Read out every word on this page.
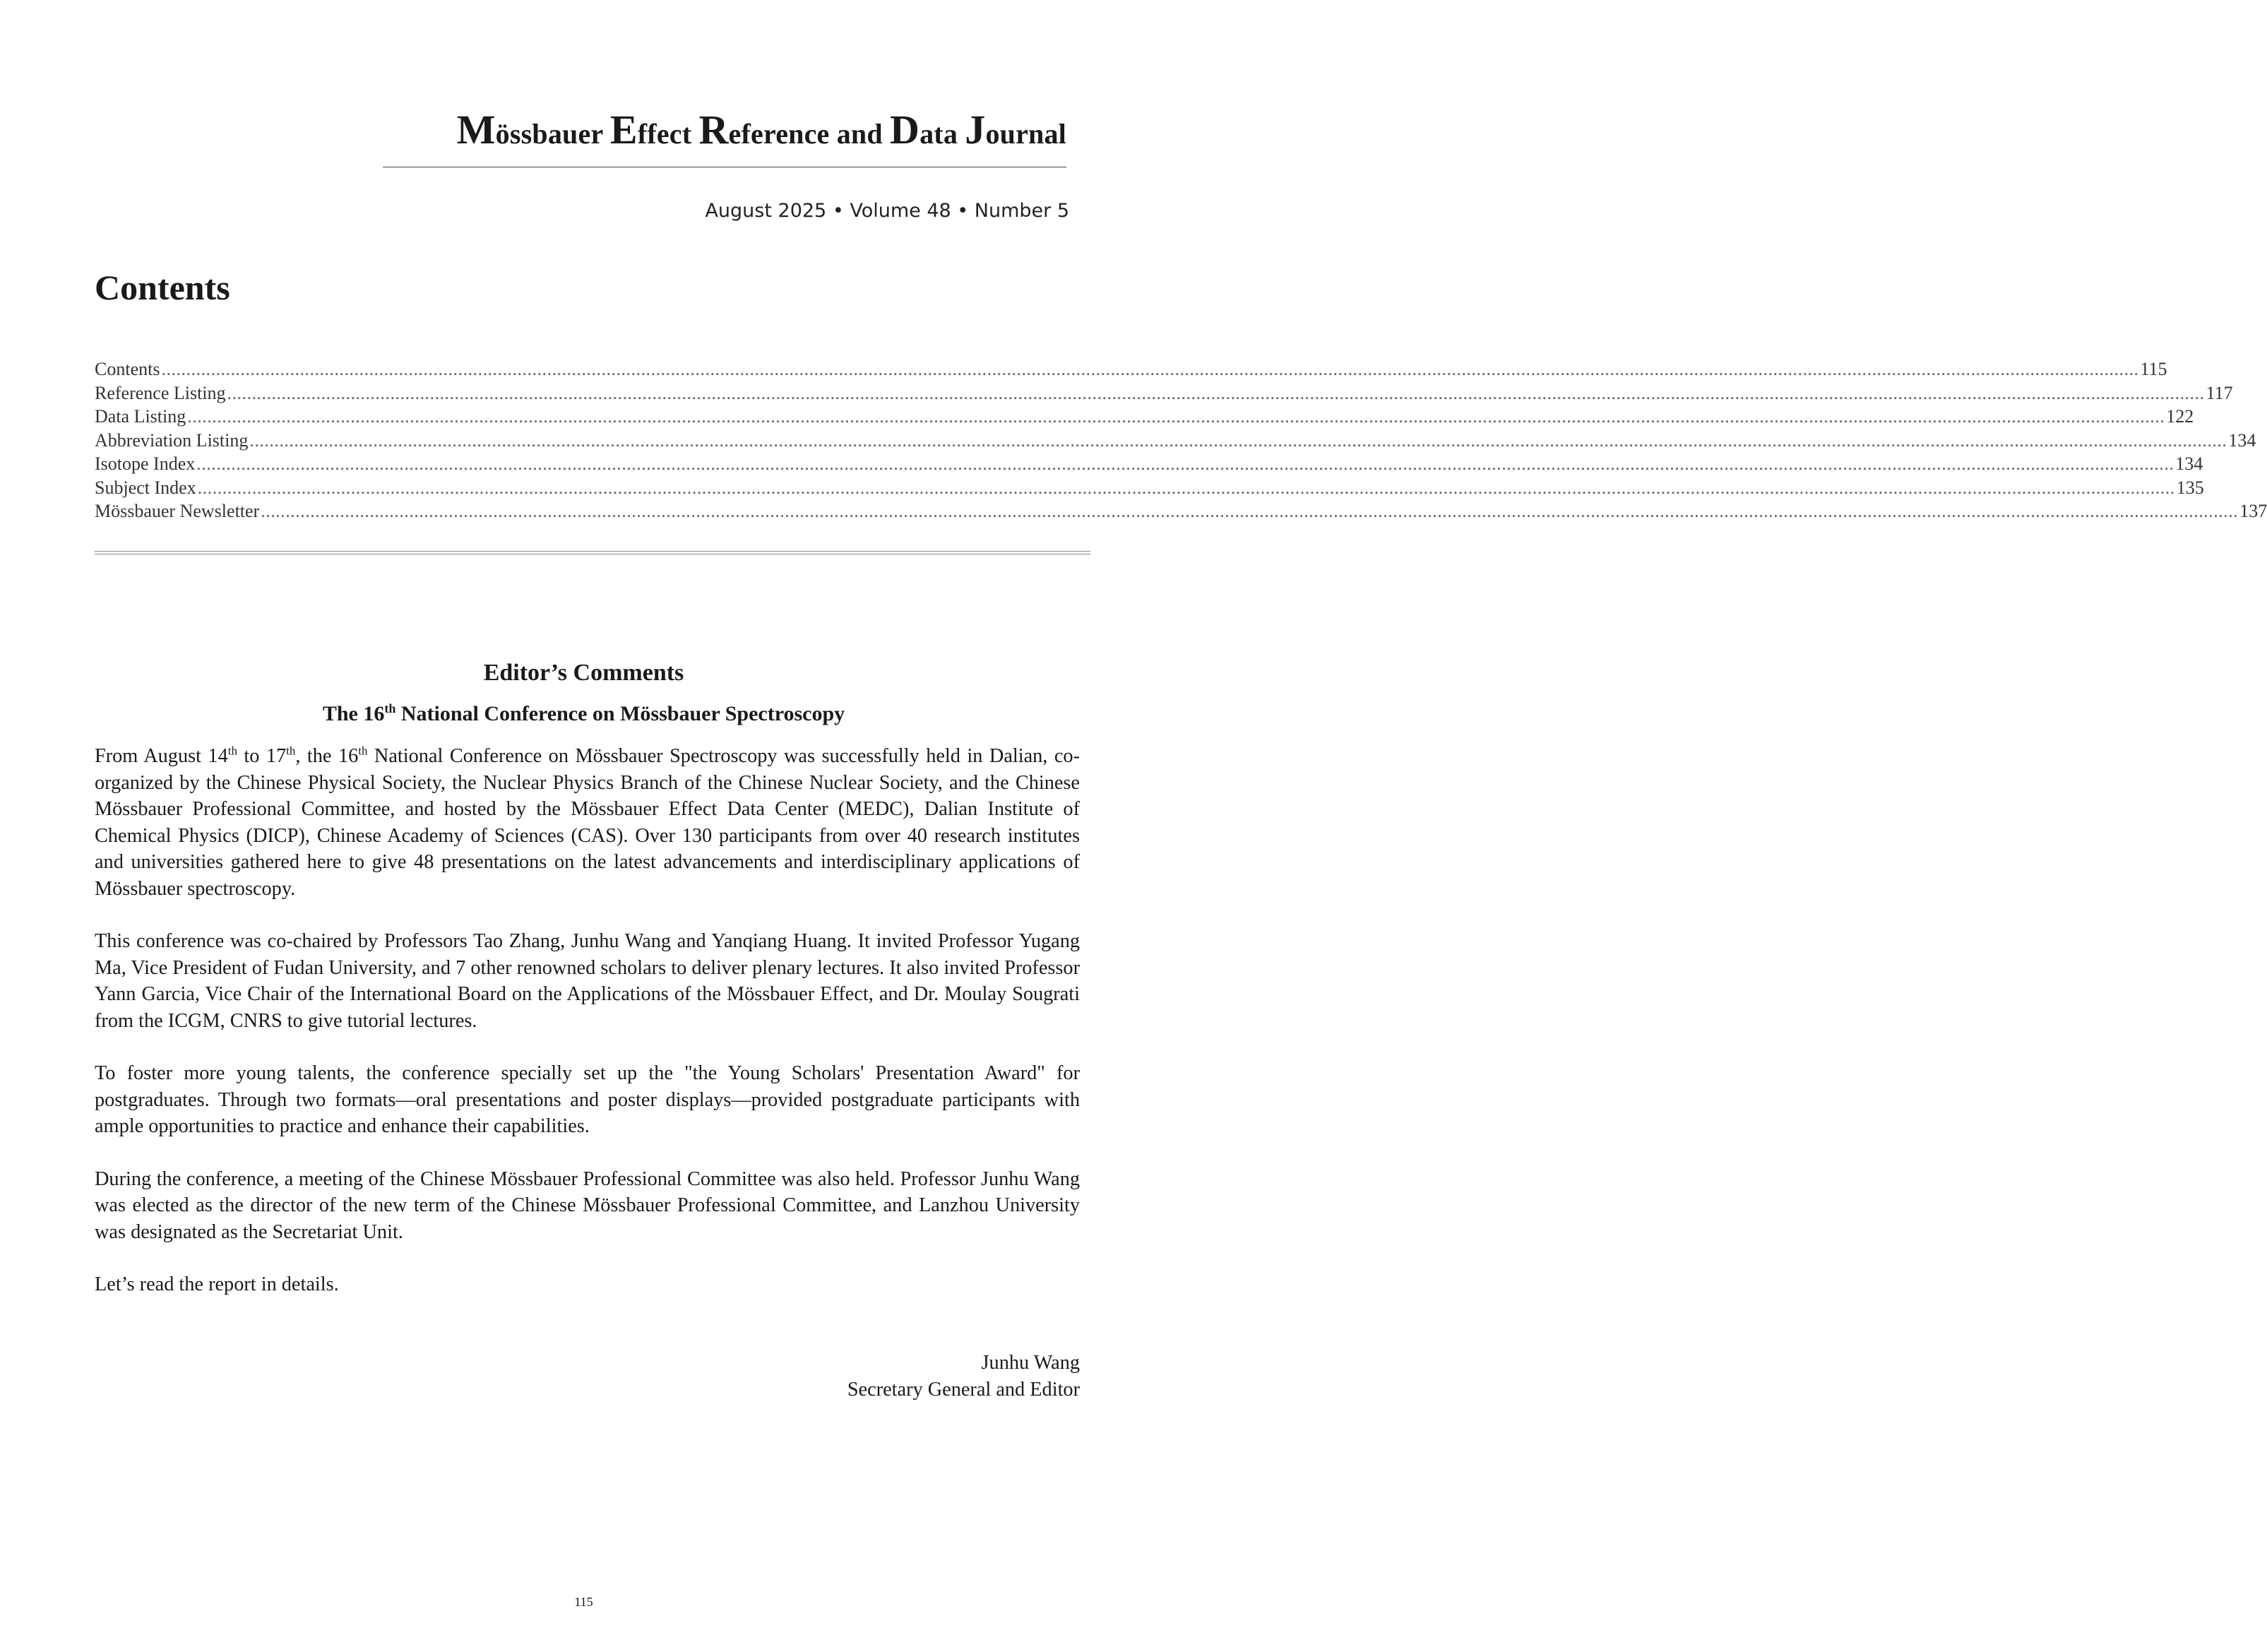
Mössbauer Effect Reference and Data Journal
August 2025 • Volume 48 • Number 5
Contents
Contents ................................................................................................................................................................................................................................................................................................................................................................................................................ 115
Reference Listing ................................................................................................................................................................................................................................................................................................................................................................................................................ 117
Data Listing ................................................................................................................................................................................................................................................................................................................................................................................................................ 122
Abbreviation Listing ................................................................................................................................................................................................................................................................................................................................................................................................................ 134
Isotope Index ................................................................................................................................................................................................................................................................................................................................................................................................................ 134
Subject Index ................................................................................................................................................................................................................................................................................................................................................................................................................ 135
Mössbauer Newsletter ................................................................................................................................................................................................................................................................................................................................................................................................................ 137
Editor’s Comments
The 16th National Conference on Mössbauer Spectroscopy

From August 14th to 17th, the 16th National Conference on Mössbauer Spectroscopy was successfully held in Dalian, co-organized by the Chinese Physical Society, the Nuclear Physics Branch of the Chinese Nuclear Society, and the Chinese Mössbauer Professional Committee, and hosted by the Mössbauer Effect Data Center (MEDC), Dalian Institute of Chemical Physics (DICP), Chinese Academy of Sciences (CAS). Over 130 participants from over 40 research institutes and universities gathered here to give 48 presentations on the latest advancements and interdisciplinary applications of Mössbauer spectroscopy.

This conference was co-chaired by Professors Tao Zhang, Junhu Wang and Yanqiang Huang. It invited Professor Yugang Ma, Vice President of Fudan University, and 7 other renowned scholars to deliver plenary lectures. It also invited Professor Yann Garcia, Vice Chair of the International Board on the Applications of the Mössbauer Effect, and Dr. Moulay Sougrati from the ICGM, CNRS to give tutorial lectures.

To foster more young talents, the conference specially set up the "the Young Scholars' Presentation Award" for postgraduates. Through two formats—oral presentations and poster displays—provided postgraduate participants with ample opportunities to practice and enhance their capabilities.

During the conference, a meeting of the Chinese Mössbauer Professional Committee was also held. Professor Junhu Wang was elected as the director of the new term of the Chinese Mössbauer Professional Committee, and Lanzhou University was designated as the Secretariat Unit.

Let’s read the report in details.

Junhu Wang
Secretary General and Editor
115
